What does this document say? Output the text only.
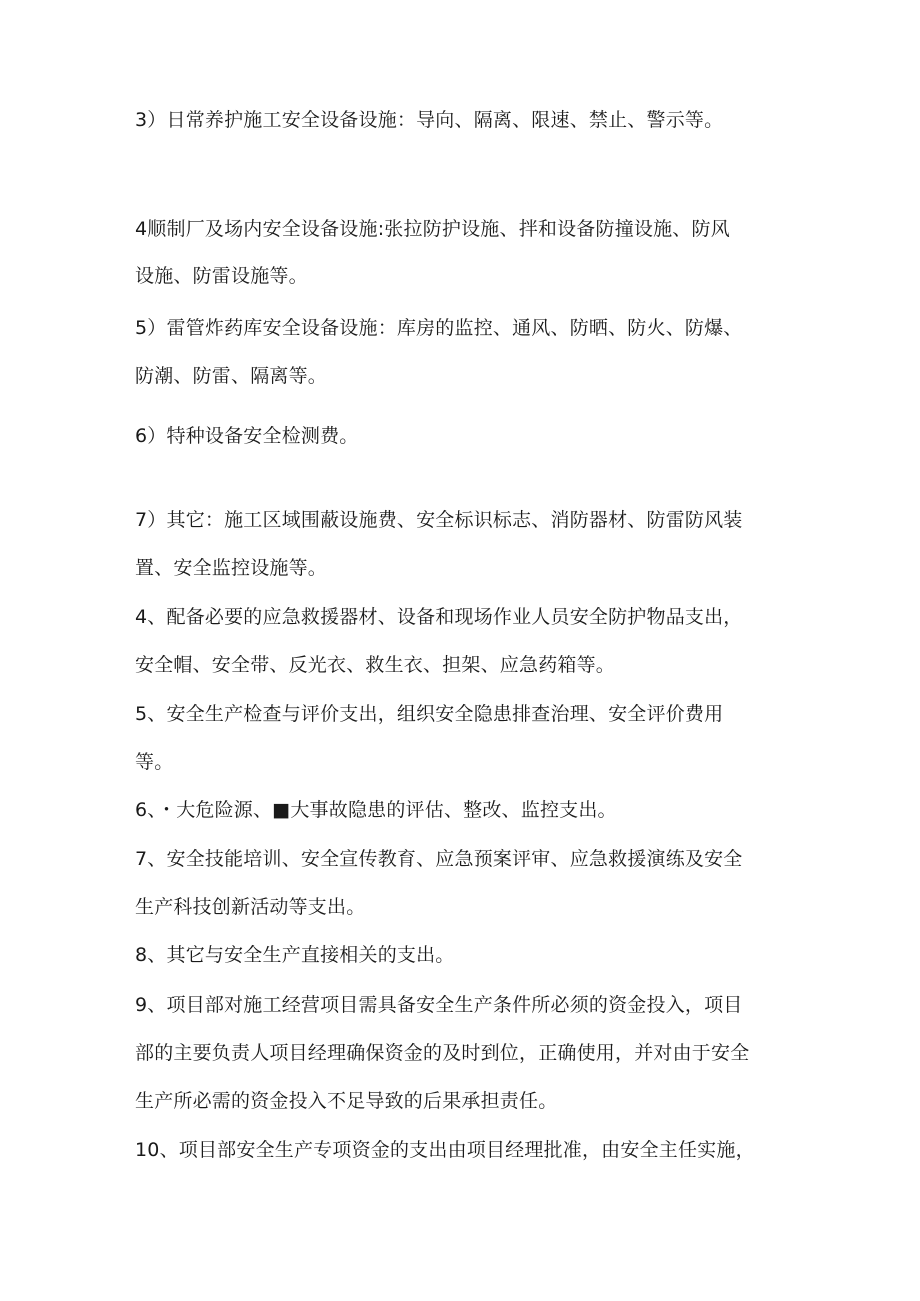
3）日常养护施工安全设备设施：导向、隔离、限速、禁止、警示等。
4顺制厂及场内安全设备设施:张拉防护设施、拌和设备防撞设施、防风
设施、防雷设施等。
5）雷管炸药库安全设备设施：库房的监控、通风、防晒、防火、防爆、
防潮、防雷、隔离等。
6）特种设备安全检测费。
7）其它：施工区域围蔽设施费、安全标识标志、消防器材、防雷防风装
置、安全监控设施等。
4、配备必要的应急救援器材、设备和现场作业人员安全防护物品支出，
安全帽、安全带、反光衣、救生衣、担架、应急药箱等。
5、安全生产检查与评价支出，组织安全隐患排查治理、安全评价费用
等。
6、・大危险源、■大事故隐患的评估、整改、监控支出。
7、安全技能培训、安全宣传教育、应急预案评审、应急救援演练及安全
生产科技创新活动等支出。
8、其它与安全生产直接相关的支出。
9、项目部对施工经营项目需具备安全生产条件所必须的资金投入，项目
部的主要负责人项目经理确保资金的及时到位，正确使用，并对由于安全
生产所必需的资金投入不足导致的后果承担责任。
10、项目部安全生产专项资金的支出由项目经理批准，由安全主任实施，
